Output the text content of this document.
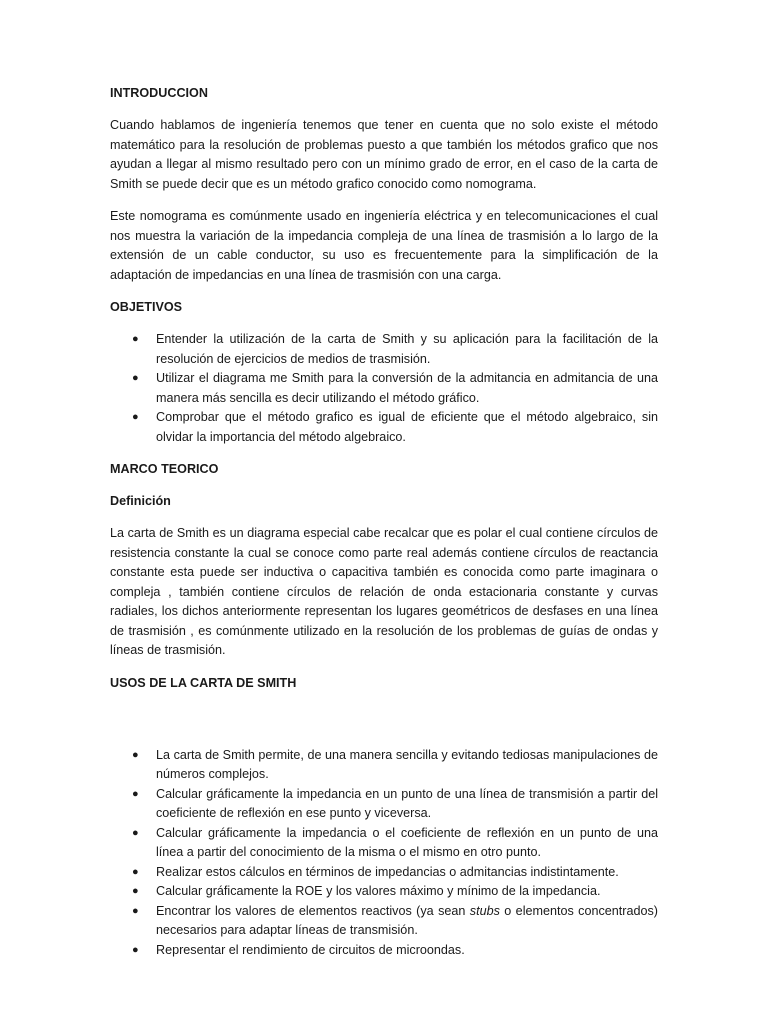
INTRODUCCION

Cuando hablamos de ingeniería tenemos que tener en cuenta que no solo existe el método matemático para la resolución de problemas puesto a que también los métodos grafico que nos ayudan a llegar al mismo resultado pero con un mínimo grado de error, en el caso de la carta de Smith se puede decir que es un método grafico conocido como nomograma.

Este nomograma es comúnmente usado en ingeniería eléctrica y en telecomunicaciones el cual nos muestra la variación de la impedancia compleja de una línea de trasmisión a lo largo de la extensión de un cable conductor, su uso es frecuentemente para la simplificación de la adaptación de impedancias en una línea de trasmisión con una carga.

OBJETIVOS
● Entender la utilización de la carta de Smith y su aplicación para la facilitación de la resolución de ejercicios de medios de trasmisión.
● Utilizar el diagrama me Smith para la conversión de la admitancia en admitancia de una manera más sencilla es decir utilizando el método gráfico.
● Comprobar que el método grafico es igual de eficiente que el método algebraico, sin olvidar la importancia del método algebraico.
MARCO TEORICO
Definición

La carta de Smith es un diagrama especial cabe recalcar que es polar el cual contiene círculos de resistencia constante la cual se conoce como parte real además contiene círculos de reactancia constante esta puede ser inductiva o capacitiva también es conocida como parte imaginara o compleja , también contiene círculos de relación de onda estacionaria constante y curvas radiales, los dichos anteriormente representan los lugares geométricos de desfases en una línea de trasmisión , es comúnmente utilizado en la resolución de los problemas de guías de ondas y líneas de trasmisión.

USOS DE LA CARTA DE SMITH
● La carta de Smith permite, de una manera sencilla y evitando tediosas manipulaciones de números complejos.
● Calcular gráficamente la impedancia en un punto de una línea de transmisión a partir del coeficiente de reflexión en ese punto y viceversa.
● Calcular gráficamente la impedancia o el coeficiente de reflexión en un punto de una línea a partir del conocimiento de la misma o el mismo en otro punto.
● Realizar estos cálculos en términos de impedancias o admitancias indistintamente.
● Calcular gráficamente la ROE y los valores máximo y mínimo de la impedancia.
● Encontrar los valores de elementos reactivos (ya sean stubs o elementos concentrados) necesarios para adaptar líneas de transmisión.
● Representar el rendimiento de circuitos de microondas.
